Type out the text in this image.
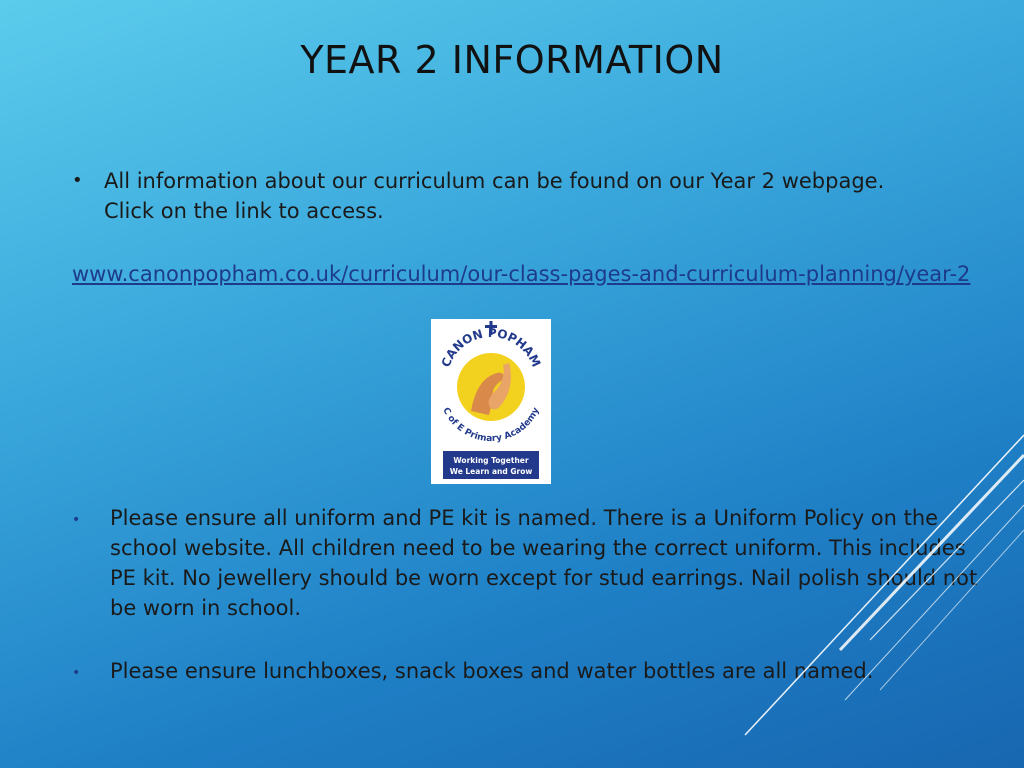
YEAR 2 INFORMATION
• All information about our curriculum can be found on our Year 2 webpage. Click on the link to access.
www.canonpopham.co.uk/curriculum/our-class-pages-and-curriculum-planning/year-2
CANON POPHAM
C of E Primary Academy
Working Together
We Learn and Grow
• Please ensure all uniform and PE kit is named. There is a Uniform Policy on the school website. All children need to be wearing the correct uniform. This includes PE kit. No jewellery should be worn except for stud earrings. Nail polish should not be worn in school.
• Please ensure lunchboxes, snack boxes and water bottles are all named.
